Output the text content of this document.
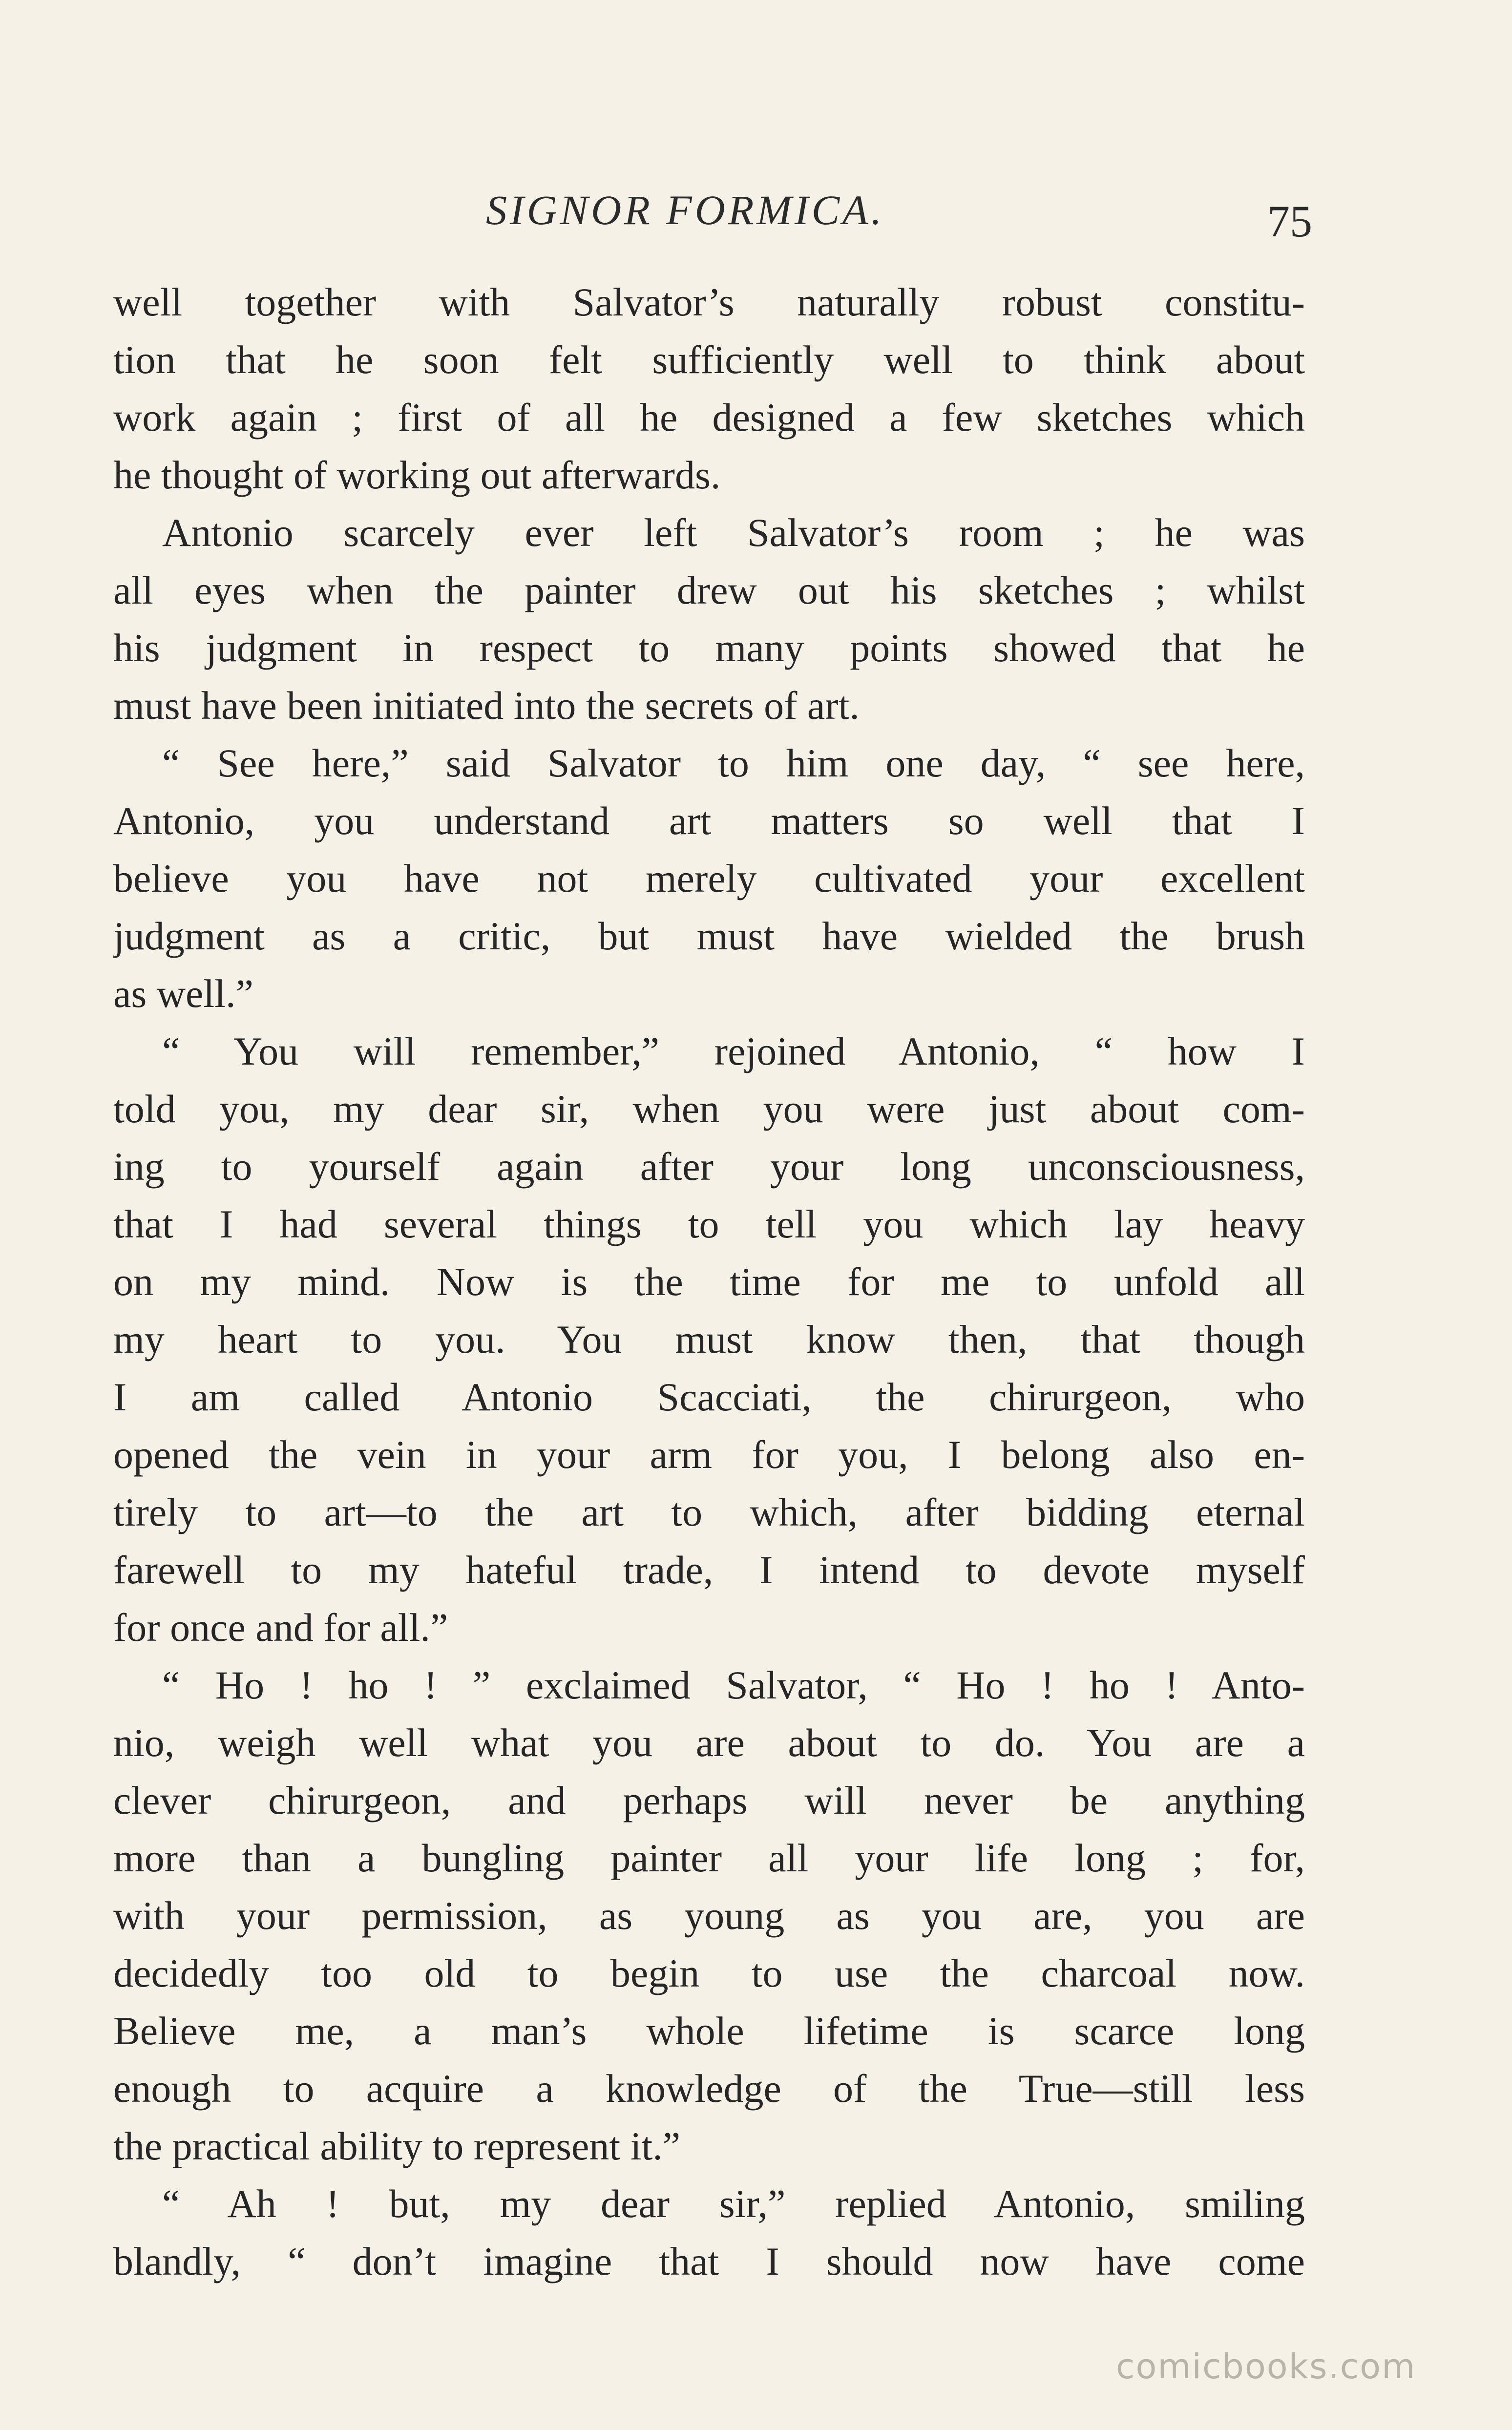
SIGNOR FORMICA.	75
well together with Salvator’s naturally robust constitu-
tion that he soon felt sufficiently well to think about
work again ; first of all he designed a few sketches which
he thought of working out afterwards.
Antonio scarcely ever left Salvator’s room ; he was
all eyes when the painter drew out his sketches ; whilst
his judgment in respect to many points showed that he
must have been initiated into the secrets of art.
“ See here,” said Salvator to him one day, “ see here,
Antonio, you understand art matters so well that I
believe you have not merely cultivated your excellent
judgment as a critic, but must have wielded the brush
as well.”
“ You will remember,” rejoined Antonio, “ how I
told you, my dear sir, when you were just about com-
ing to yourself again after your long unconsciousness,
that I had several things to tell you which lay heavy
on my mind. Now is the time for me to unfold all
my heart to you. You must know then, that though
I am called Antonio Scacciati, the chirurgeon, who
opened the vein in your arm for you, I belong also en-
tirely to art—to the art to which, after bidding eternal
farewell to my hateful trade, I intend to devote myself
for once and for all.”
“ Ho ! ho ! ” exclaimed Salvator, “ Ho ! ho ! Anto-
nio, weigh well what you are about to do. You are a
clever chirurgeon, and perhaps will never be anything
more than a bungling painter all your life long ; for,
with your permission, as young as you are, you are
decidedly too old to begin to use the charcoal now.
Believe me, a man’s whole lifetime is scarce long
enough to acquire a knowledge of the True—still less
the practical ability to represent it.”
“ Ah ! but, my dear sir,” replied Antonio, smiling
blandly, “ don’t imagine that I should now have come
comicbooks.com
